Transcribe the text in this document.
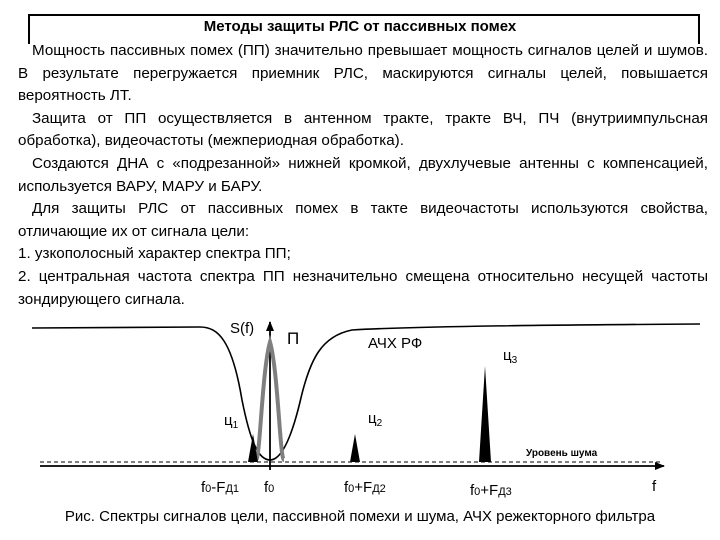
Методы защиты РЛС от пассивных помех

Мощность пассивных помех (ПП) значительно превышает мощность сигналов целей и шумов. В результате перегружается приемник РЛС, маскируются сигналы целей, повышается вероятность ЛТ.

Защита от ПП осуществляется в антенном тракте, тракте ВЧ, ПЧ (внутриимпульсная обработка), видеочастоты (межпериодная обработка).

Создаются ДНА с «подрезанной» нижней кромкой, двухлучевые антенны с компенсацией, используется ВАРУ, МАРУ и БАРУ.

Для защиты РЛС от пассивных помех в такте видеочастоты используются свойства, отличающие их от сигнала цели:

1. узкополосный характер спектра ПП;

2. центральная частота спектра ПП незначительно смещена относительно несущей частоты зондирующего сигнала.

S(f)
f
П	АЧХ РФ
$ц_1$	$ц_2$
$ц_3$
Уровень шума
f0-FД1 f0	f0+FД2	f0+FД3
Рис. Спектры сигналов цели, пассивной помехи и шума, АЧХ режекторного фильтра
